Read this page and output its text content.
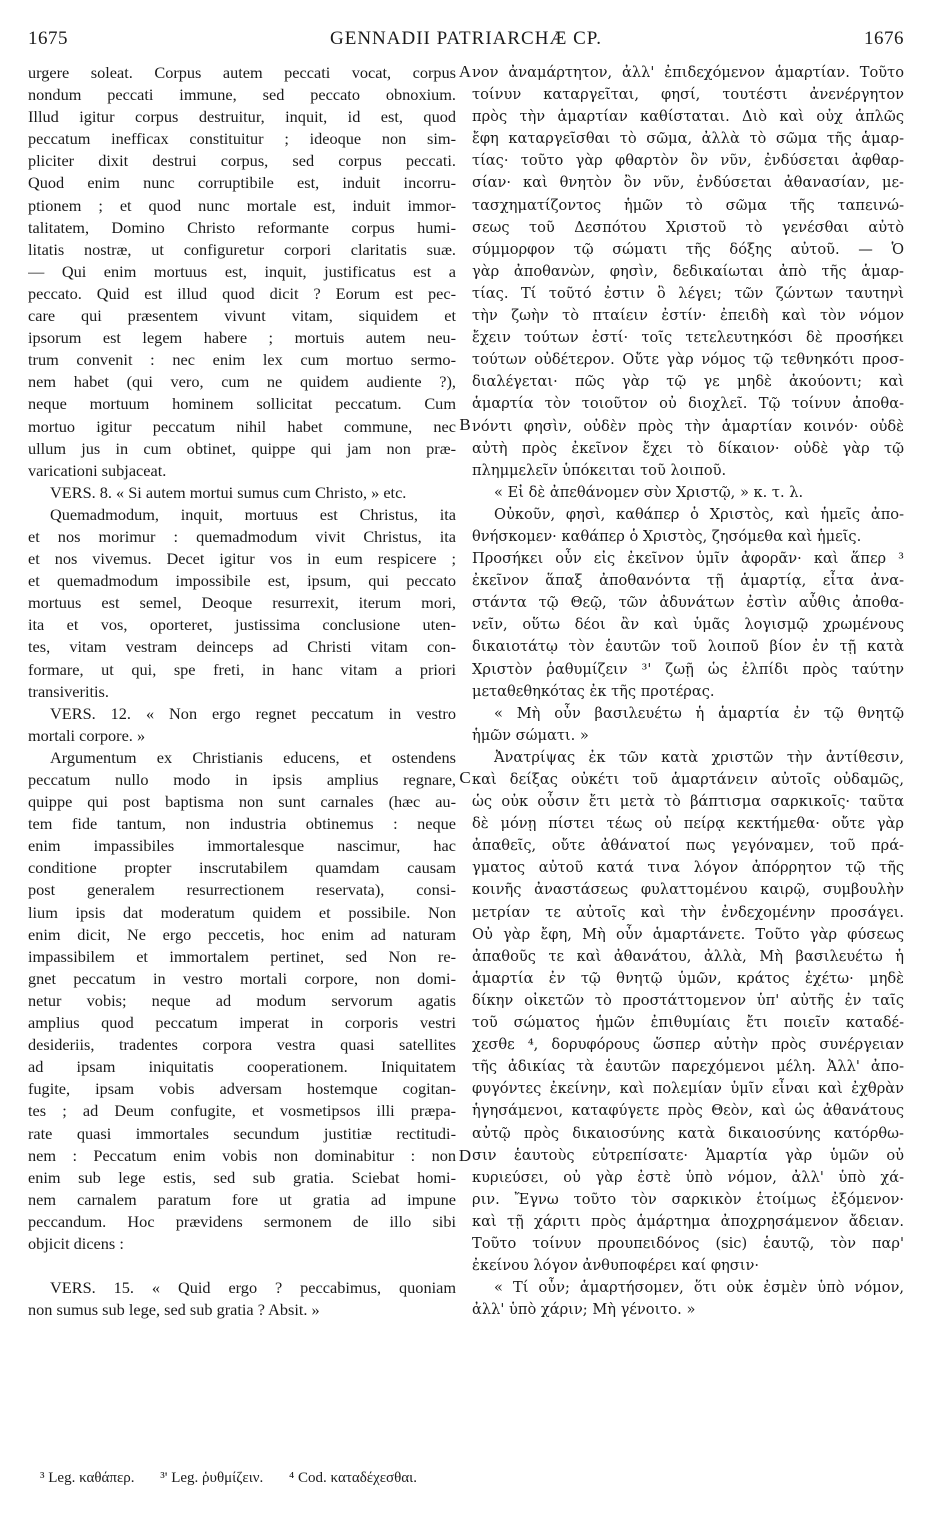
1675	GENNADII PATRIARCHÆ CP.	1676
urgere soleat. Corpus autem peccati vocat, corpus
nondum peccati immune, sed peccato obnoxium.
Illud igitur corpus destruitur, inquit, id est, quod
peccatum inefficax constituitur ; ideoque non sim-
pliciter dixit destrui corpus, sed corpus peccati.
Quod enim nunc corruptibile est, induit incorru-
ptionem ; et quod nunc mortale est, induit immor-
talitatem, Domino Christo reformante corpus humi-
litatis nostræ, ut configuretur corpori claritatis suæ.
— Qui enim mortuus est, inquit, justificatus est a
peccato. Quid est illud quod dicit ? Eorum est pec-
care qui præsentem vivunt vitam, siquidem et
ipsorum est legem habere ; mortuis autem neu-
trum convenit : nec enim lex cum mortuo sermo-
nem habet (qui vero, cum ne quidem audiente ?),
neque mortuum hominem sollicitat peccatum. Cum
mortuo igitur peccatum nihil habet commune, nec
ullum jus in cum obtinet, quippe qui jam non præ-
varicationi subjaceat.
VERS. 8. « Si autem mortui sumus cum Christo, » etc.
Quemadmodum, inquit, mortuus est Christus, ita
et nos morimur : quemadmodum vivit Christus, ita
et nos vivemus. Decet igitur vos in eum respicere ;
et quemadmodum impossibile est, ipsum, qui peccato
mortuus est semel, Deoque resurrexit, iterum mori,
ita et vos, oporteret, justissima conclusione uten-
tes, vitam vestram deinceps ad Christi vitam con-
formare, ut qui, spe freti, in hanc vitam a priori
transiveritis.
VERS. 12. « Non ergo regnet peccatum in vestro
mortali corpore. »
Argumentum ex Christianis educens, et ostendens
peccatum nullo modo in ipsis amplius regnare,
quippe qui post baptisma non sunt carnales (hæc au-
tem fide tantum, non industria obtinemus : neque
enim impassibiles immortalesque nascimur, hac
conditione propter inscrutabilem quamdam causam
post generalem resurrectionem reservata), consi-
lium ipsis dat moderatum quidem et possibile. Non
enim dicit, Ne ergo peccetis, hoc enim ad naturam
impassibilem et immortalem pertinet, sed Non re-
gnet peccatum in vestro mortali corpore, non domi-
netur vobis; neque ad modum servorum agatis
amplius quod peccatum imperat in corporis vestri
desideriis, tradentes corpora vestra quasi satellites
ad ipsam iniquitatis cooperationem. Iniquitatem
fugite, ipsam vobis adversam hostemque cogitan-
tes ; ad Deum confugite, et vosmetipsos illi præpa-
rate quasi immortales secundum justitiæ rectitudi-
nem : Peccatum enim vobis non dominabitur : non
enim sub lege estis, sed sub gratia. Sciebat homi-
nem carnalem paratum fore ut gratia ad impune
peccandum. Hoc prævidens sermonem de illo sibi
objicit dicens :
VERS. 15. « Quid ergo ? peccabimus, quoniam
non sumus sub lege, sed sub gratia ? Absit. »
νον ἀναμάρτητον, ἀλλ' ἐπιδεχόμενον ἁμαρτίαν. Τοῦτο
τοίνυν καταργεῖται, φησί, τουτέστι ἀνενέργητον
πρὸς τὴν ἁμαρτίαν καθίσταται. Διὸ καὶ οὐχ ἁπλῶς
ἔφη καταργεῖσθαι τὸ σῶμα, ἀλλὰ τὸ σῶμα τῆς ἁμαρ-
τίας· τοῦτο γὰρ φθαρτὸν ὂν νῦν, ἐνδύσεται ἀφθαρ-
σίαν· καὶ θνητὸν ὂν νῦν, ἐνδύσεται ἀθανασίαν, με-
τασχηματίζοντος ἡμῶν τὸ σῶμα τῆς ταπεινώ-
σεως τοῦ Δεσπότου Χριστοῦ τὸ γενέσθαι αὐτὸ
σύμμορφον τῷ σώματι τῆς δόξης αὐτοῦ. — Ὁ
γὰρ ἀποθανὼν, φησὶν, δεδικαίωται ἀπὸ τῆς ἁμαρ-
τίας. Τί τοῦτό ἐστιν ὃ λέγει; τῶν ζώντων ταυτηνὶ
τὴν ζωὴν τὸ πταίειν ἐστίν· ἐπειδὴ καὶ τὸν νόμον
ἔχειν τούτων ἐστί· τοῖς τετελευτηκόσι δὲ προσήκει
τούτων οὐδέτερον. Οὔτε γὰρ νόμος τῷ τεθνηκότι προσ-
διαλέγεται· πῶς γὰρ τῷ γε μηδὲ ἀκούοντι; καὶ
ἁμαρτία τὸν τοιοῦτον οὐ διοχλεῖ. Τῷ τοίνυν ἀποθα-
νόντι φησὶν, οὐδὲν πρὸς τὴν ἁμαρτίαν κοινόν· οὐδὲ
αὐτὴ πρὸς ἐκεῖνον ἔχει τὸ δίκαιον· οὐδὲ γὰρ τῷ
πλημμελεῖν ὑπόκειται τοῦ λοιποῦ.
« Εἰ δὲ ἀπεθάνομεν σὺν Χριστῷ, » κ. τ. λ.
Οὐκοῦν, φησὶ, καθάπερ ὁ Χριστὸς, καὶ ἡμεῖς ἀπο-
θνήσκομεν· καθάπερ ὁ Χριστὸς, ζησόμεθα καὶ ἡμεῖς.
Προσήκει οὖν εἰς ἐκεῖνον ὑμῖν ἀφορᾶν· καὶ ἅπερ ³
ἐκεῖνον ἅπαξ ἀποθανόντα τῇ ἁμαρτίᾳ, εἶτα ἀνα-
στάντα τῷ Θεῷ, τῶν ἀδυνάτων ἐστὶν αὖθις ἀποθα-
νεῖν, οὕτω δέοι ἂν καὶ ὑμᾶς λογισμῷ χρωμένους
δικαιοτάτῳ τὸν ἑαυτῶν τοῦ λοιποῦ βίον ἐν τῇ κατὰ
Χριστὸν ῥαθυμίζειν ³' ζωῇ ὡς ἐλπίδι πρὸς ταύτην
μεταθεθηκότας ἐκ τῆς προτέρας.
« Μὴ οὖν βασιλευέτω ἡ ἁμαρτία ἐν τῷ θνητῷ
ἡμῶν σώματι. »
Ἀνατρίψας ἐκ τῶν κατὰ χριστῶν τὴν ἀντίθεσιν,
καὶ δείξας οὐκέτι τοῦ ἁμαρτάνειν αὐτοῖς οὐδαμῶς,
ὡς οὐκ οὖσιν ἔτι μετὰ τὸ βάπτισμα σαρκικοῖς· ταῦτα
δὲ μόνῃ πίστει τέως οὐ πείρᾳ κεκτήμεθα· οὔτε γὰρ
ἀπαθεῖς, οὔτε ἀθάνατοί πως γεγόναμεν, τοῦ πρά-
γματος αὐτοῦ κατά τινα λόγον ἀπόρρητον τῷ τῆς
κοινῆς ἀναστάσεως φυλαττομένου καιρῷ, συμβουλὴν
μετρίαν τε αὐτοῖς καὶ τὴν ἐνδεχομένην προσάγει.
Οὐ γὰρ ἔφη, Μὴ οὖν ἁμαρτάνετε. Τοῦτο γὰρ φύσεως
ἀπαθοῦς τε καὶ ἀθανάτου, ἀλλὰ, Μὴ βασιλευέτω ἡ
ἁμαρτία ἐν τῷ θνητῷ ὑμῶν, κράτος ἐχέτω· μηδὲ
δίκην οἰκετῶν τὸ προστάττομενον ὑπ' αὐτῆς ἐν ταῖς
τοῦ σώματος ἡμῶν ἐπιθυμίαις ἔτι ποιεῖν καταδέ-
χεσθε ⁴, δορυφόρους ὥσπερ αὐτὴν πρὸς συνέργειαν
τῆς ἀδικίας τὰ ἑαυτῶν παρεχόμενοι μέλη. Ἀλλ' ἀπο-
φυγόντες ἐκείνην, καὶ πολεμίαν ὑμῖν εἶναι καὶ ἐχθρὰν
ἡγησάμενοι, καταφύγετε πρὸς Θεὸν, καὶ ὡς ἀθανάτους
αὐτῷ πρὸς δικαιοσύνης κατὰ δικαιοσύνης κατόρθω-
σιν ἑαυτοὺς εὐτρεπίσατε· Ἁμαρτία γὰρ ὑμῶν οὐ
κυριεύσει, οὐ γὰρ ἐστὲ ὑπὸ νόμον, ἀλλ' ὑπὸ χά-
ριν. Ἔγνω τοῦτο τὸν σαρκικὸν ἑτοίμως ἐξόμενον·
καὶ τῇ χάριτι πρὸς ἁμάρτημα ἀποχρησάμενον ἄδειαν.
Τοῦτο τοίνυν προυπειδόνος (sic) ἑαυτῷ, τὸν παρ'
ἐκείνου λόγον ἀνθυποφέρει καί φησιν·
« Τί οὖν; ἁμαρτήσομεν, ὅτι οὐκ ἐσμὲν ὑπὸ νόμον,
ἀλλ' ὑπὸ χάριν; Μὴ γένοιτο. »
A
B
C
D
³ Leg. καθάπερ. ³' Leg. ῥυθμίζειν. ⁴ Cod. καταδέχεσθαι.
